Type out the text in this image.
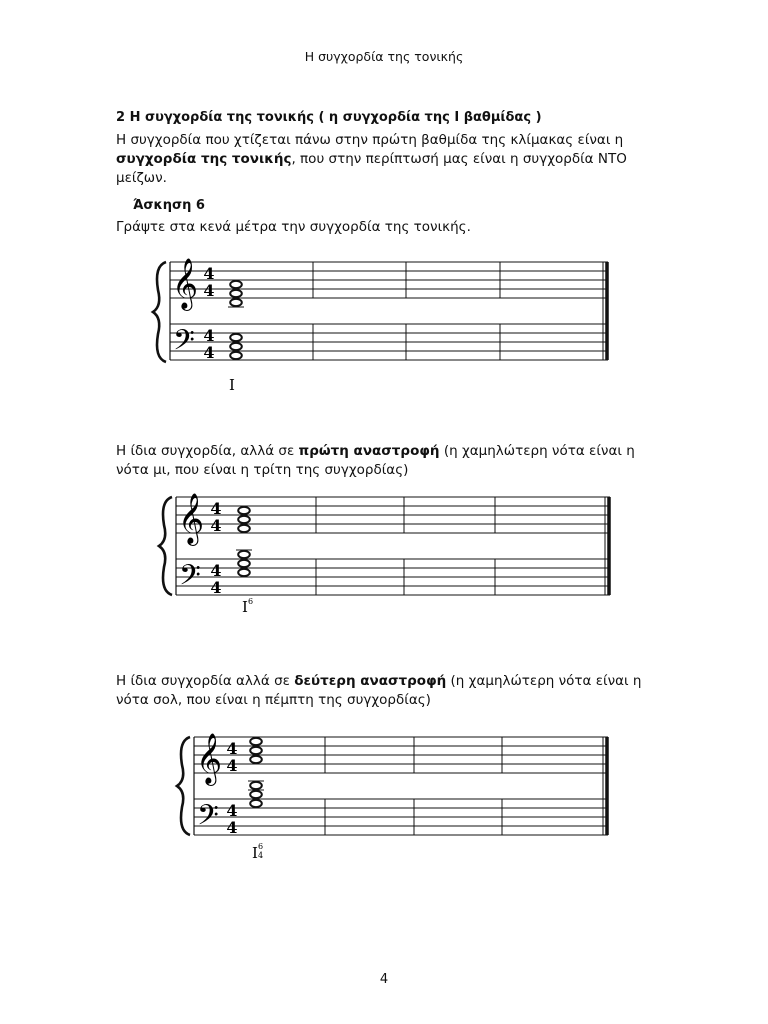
Η συγχορδία της τονικής
2 Η συγχορδία της τονικής ( η συγχορδία της Ι βαθμίδας )
Η συγχορδία που χτίζεται πάνω στην πρώτη βαθμίδα της κλίμακας είναι η
συγχορδία της τονικής, που στην περίπτωσή μας είναι η συγχορδία ΝΤΟ
μείζων.
Άσκηση 6
Γράψτε στα κενά μέτρα την συγχορδία της τονικής.
𝄞
𝄢
4
4
4
4
I
Η ίδια συγχορδία, αλλά σε πρώτη αναστροφή (η χαμηλώτερη νότα είναι η
νότα μι, που είναι η τρίτη της συγχορδίας)
𝄞
𝄢
4
4
4
4
I 6
Η ίδια συγχορδία αλλά σε δεύτερη αναστροφή (η χαμηλώτερη νότα είναι η
νότα σολ, που είναι η πέμπτη της συγχορδίας)
𝄞
𝄢
4
4
4
4
I 6
4
4
